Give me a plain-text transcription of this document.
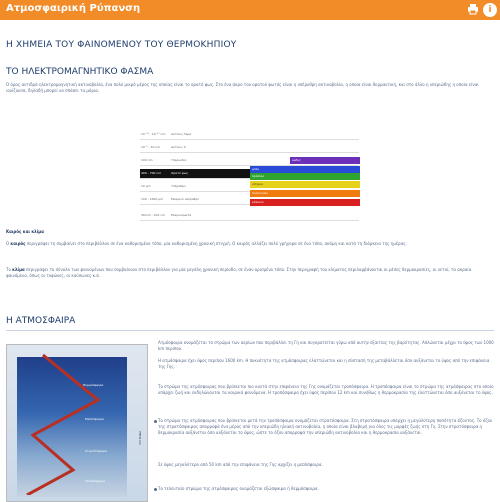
Ατμοσφαιρική Ρύπανση	i
Η ΧΗΜΕΙΑ ΤΟΥ ΦΑΙΝΟΜΕΝΟΥ ΤΟΥ ΘΕΡΜΟΚΗΠΙΟΥ
ΤΟ ΗΛΕΚΤΡΟΜΑΓΝΗΤΙΚΟ ΦΑΣΜΑ
Ο όρος αντιδρά ηλεκτρομαγνητική ακτινοβολία, ένα πολύ μικρό μέρος της οποίας είναι το ορατό φως. Στο ένα άκρο του ορατού φωτός είναι η υπέρυθρη ακτινοβολία, η οποία είναι θερμαντική, και στο άλλο η υπεριώδης η οποία είναι ιονίζουσα, δηλαδή μπορεί να σπάσει τα μόρια.
10⁻¹² - 10⁻¹¹ nm	Ακτίνες Γάμα
10⁻¹ - 10 nm	Ακτίνες Χ
100 nm	Υπεριώδες
400 - 700 nm	Ορατό φως
10 μm	Υπέρυθρη
100 - 1000 μm	Μακρινό υπέρυθρο
30mm - 100 cm	Μικροκύματα
ιώδες
μπλε
πράσινο
κίτρινο
πορτοκαλί
κόκκινο
Καιρός και κλίμα
Ο καιρός περιγράφει τη συμβαίνει στο περιβάλλον σε ένα καθορισμένο τόπο, μία καθορισμένη χρονική στιγμή. Ο καιρός αλλάζει πολύ γρήγορα σε ένα τόπο, ακόμη και κατά τη διάρκεια της ημέρας.
Το κλίμα περιγράφει το σύνολο των φαινομένων που συμβαίνουν στο περιβάλλον για μία μεγάλη χρονική περίοδο, σε έναν ορισμένο τόπο. Στην περιγραφή του κλίματος περιλαμβάνονται οι μέσες θερμοκρασίες, οι υετοί, τα ακραία φαινόμενα, όπως οι τυφώνες, οι καύσωνες κ.ά.
Η ΑΤΜΟΣΦΑΙΡΑ
Θερμόσφαιρα
Μεσόσφαιρα
Στρατόσφαιρα
Τροπόσφαιρα
ΥΨΟΣ km
Ατμόσφαιρα ονομάζεται το στρώμα των αερίων που περιβάλλει τη Γη και συγκρατείται γύρω από αυτήν εξαιτίας της βαρύτητας. Απλώνεται μέχρι το ύψος των 1000 km περίπου.
Η ατμόσφαιρα έχει ύψος περίπου 1600 km. Η πυκνότητα της ατμόσφαιρας ελαττώνεται και η σύστασή της μεταβάλλεται όσο αυξάνεται το ύψος από την επιφάνεια της Γης.
Το στρώμα της ατμόσφαιρας που βρίσκεται πιο κοντά στην επιφάνεια της Γης ονομάζεται τροπόσφαιρα. Η τροπόσφαιρα είναι το στρώμα της ατμόσφαιρας στο οποίο υπάρχει ζωή και εκδηλώνονται τα καιρικά φαινόμενα. Η τροπόσφαιρα έχει ύψος περίπου 12 km και συνήθως η θερμοκρασία της ελαττώνεται όσο αυξάνεται το ύψος.
Το στρώμα της ατμόσφαιρας που βρίσκεται μετά την τροπόσφαιρα ονομάζεται στρατόσφαιρα. Στη στρατόσφαιρα υπάρχει η μεγαλύτερη ποσότητα όζοντος. Το όζον της στρατόσφαιρας απορροφά ένα μέρος από την υπεριώδη ηλιακή ακτινοβολία, η οποία είναι βλαβερή για όλες τις μορφές ζωής στη Γη. Στην στρατόσφαιρα η θερμοκρασία αυξάνεται όσο αυξάνεται το ύψος, ώστε το όζον απορροφά την υπεριώδη ακτινοβολία και η θερμοκρασία αυξάνεται.
Σε ύψος μεγαλύτερο από 50 km από την επιφάνεια της Γης αρχίζει η μεσόσφαιρα.
Το τελευταίο στρώμα της ατμόσφαιρας ονομάζεται εξώσφαιρα ή θερμόσφαιρα.
